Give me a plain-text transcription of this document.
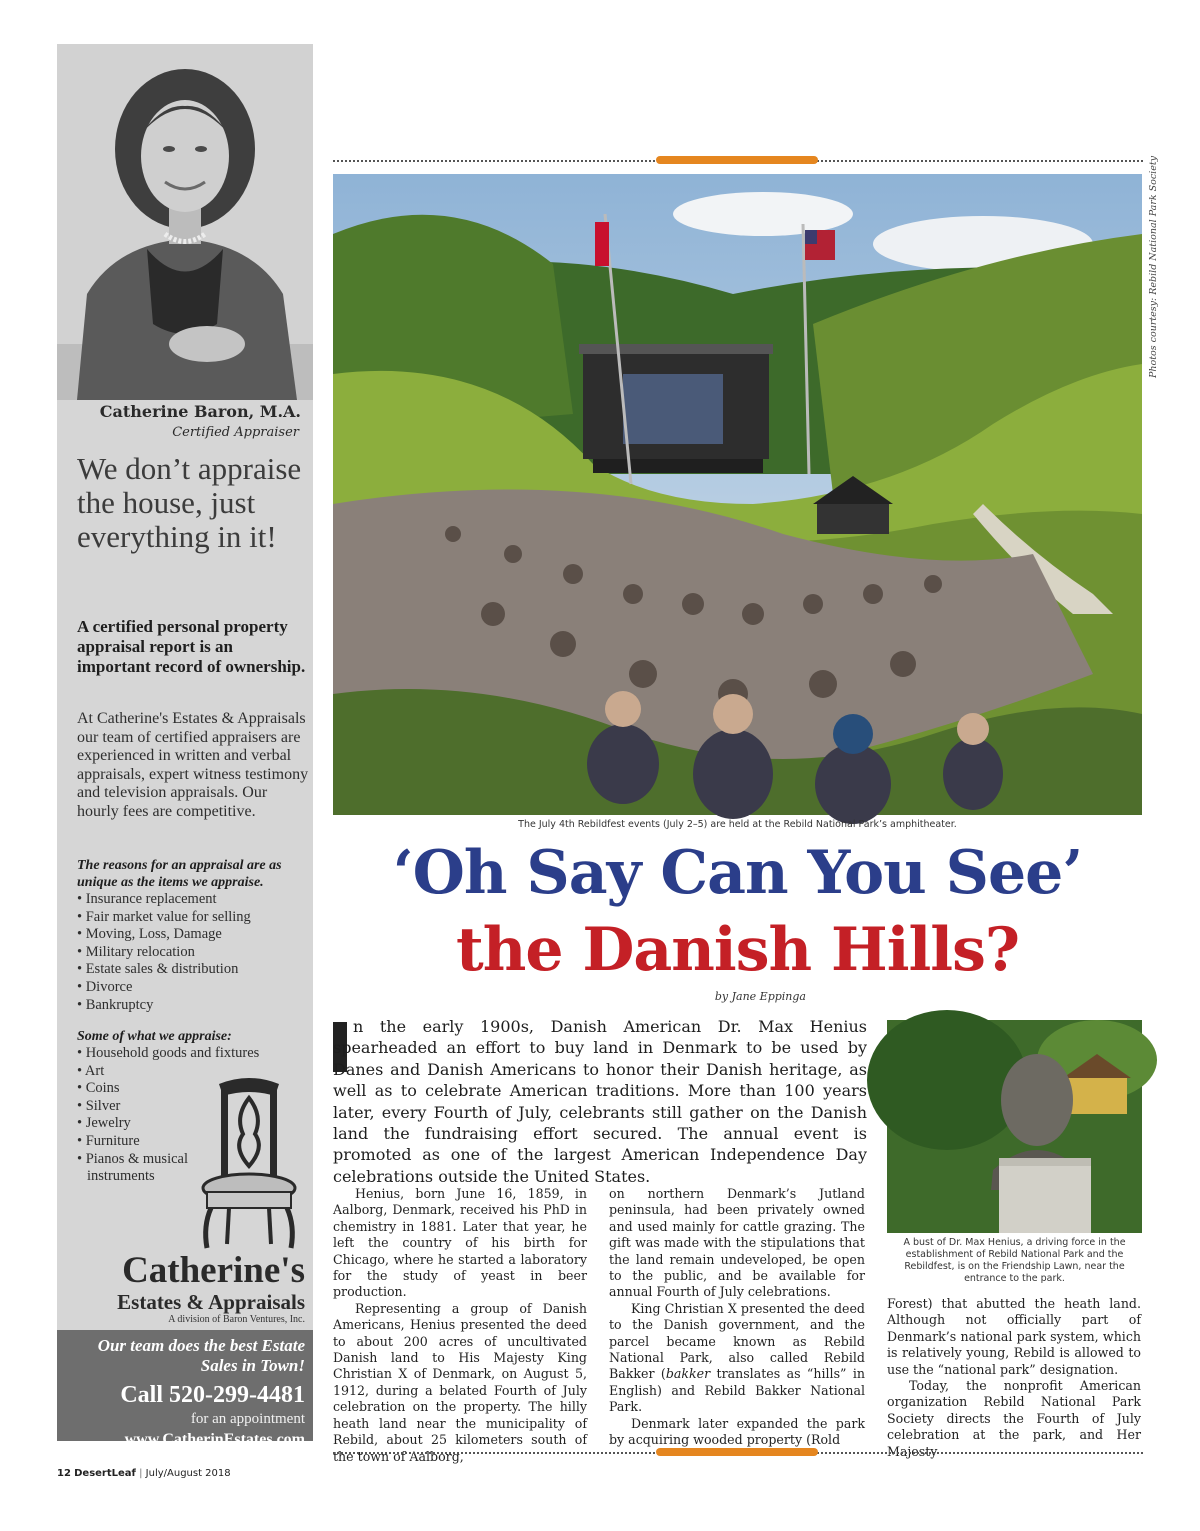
Catherine Baron, M.A.
Certified Appraiser
We don’t appraise the house, just everything in it!
A certified personal property appraisal report is an important record of ownership.
At Catherine's Estates & Appraisals our team of certified appraisers are experienced in written and verbal appraisals, expert witness testimony and television appraisals. Our hourly fees are competitive.
The reasons for an appraisal are as unique as the items we appraise.
• Insurance replacement
• Fair market value for selling
• Moving, Loss, Damage
• Military relocation
• Estate sales & distribution
• Divorce
• Bankruptcy
Some of what we appraise:
• Household goods and fixtures
• Art
• Coins
• Silver
• Jewelry
• Furniture
• Pianos & musical instruments
Catherine's
Estates & Appraisals
A division of Baron Ventures, Inc.
Our team does the best Estate Sales in Town!
Call 520-299-4481
for an appointment
www.CatherinEstates.com
Making House Calls Since 2003
Photos courtesy: Rebild National Park Society
The July 4th Rebildfest events (July 2–5) are held at the Rebild National Park’s amphitheater.
‘Oh Say Can You See’
the Danish Hills?
by Jane Eppinga
n the early 1900s, Danish American Dr. Max Henius spearheaded an effort to buy land in Denmark to be used by Danes and Danish Americans to honor their Danish heritage, as well as to celebrate American traditions. More than 100 years later, every Fourth of July, celebrants still gather on the Danish land the fundraising effort secured. The annual event is promoted as one of the largest American Independence Day celebrations outside the United States.

Henius, born June 16, 1859, in Aalborg, Denmark, received his PhD in chemistry in 1881. Later that year, he left the country of his birth for Chicago, where he started a laboratory for the study of yeast in beer production.

Representing a group of Danish Americans, Henius presented the deed to about 200 acres of uncultivated Danish land to His Majesty King Christian X of Denmark, on August 5, 1912, during a belated Fourth of July celebration on the property. The hilly heath land near the municipality of Rebild, about 25 kilometers south of the town of Aalborg,

on northern Denmark’s Jutland peninsula, had been privately owned and used mainly for cattle grazing. The gift was made with the stipulations that the land remain undeveloped, be open to the public, and be available for annual Fourth of July celebrations.

King Christian X presented the deed to the Danish government, and the parcel became known as Rebild National Park, also called Rebild Bakker (bakker translates as “hills” in English) and Rebild Bakker National Park.

Denmark later expanded the park by acquiring wooded property (Rold

A bust of Dr. Max Henius, a driving force in the establishment of Rebild National Park and the Rebildfest, is on the Friendship Lawn, near the entrance to the park.

Forest) that abutted the heath land. Although not officially part of Denmark’s national park system, which is relatively young, Rebild is allowed to use the “national park” designation.

Today, the nonprofit American organization Rebild National Park Society directs the Fourth of July celebration at the park, and Her Majesty

12 DesertLeaf | July/August 2018
